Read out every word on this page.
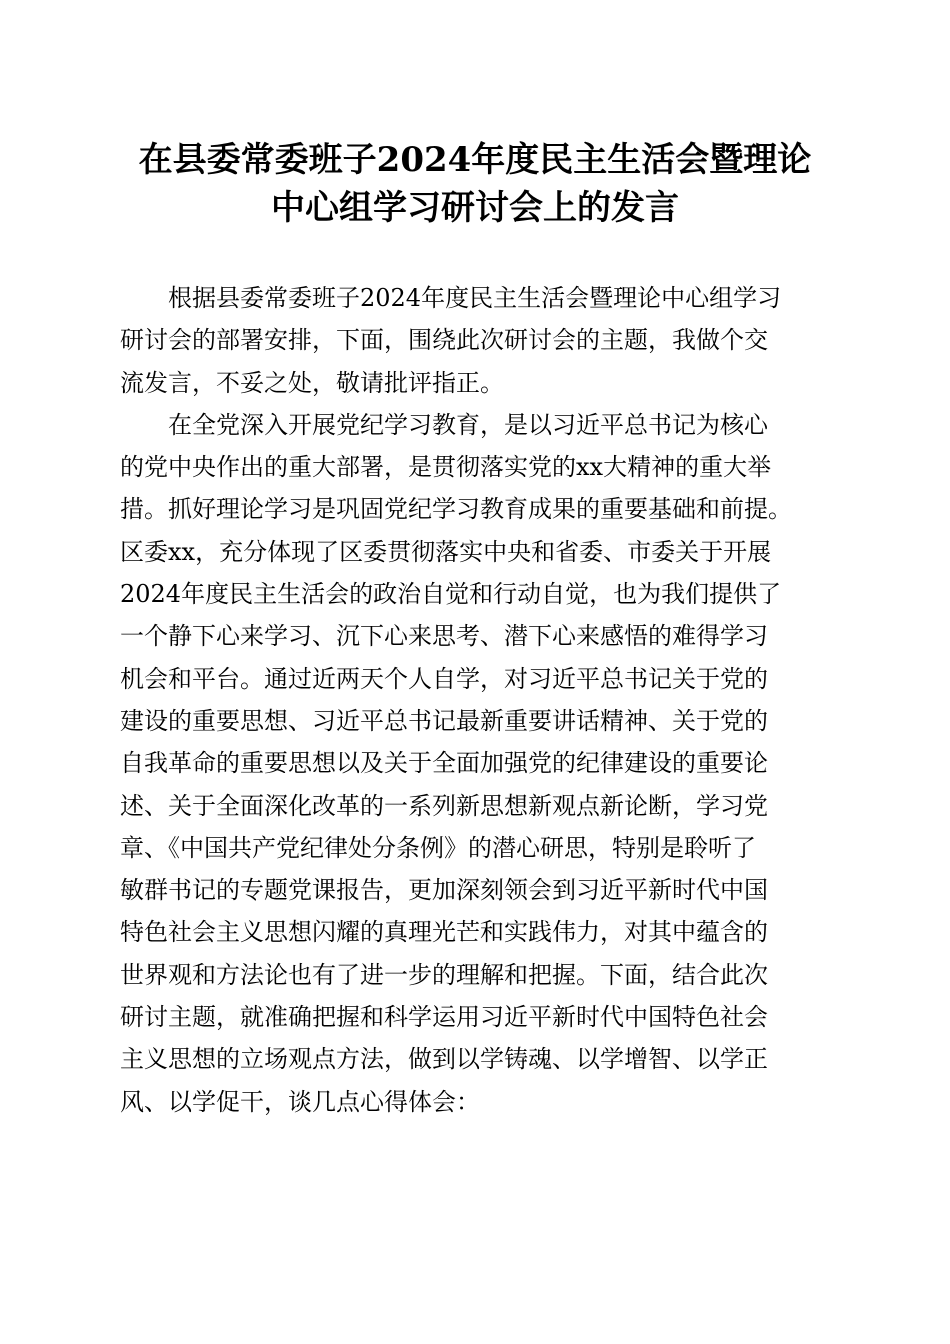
在县委常委班子2024年度民主生活会暨理论
中心组学习研讨会上的发言
根据县委常委班子2024年度民主生活会暨理论中心组学习
研讨会的部署安排，下面，围绕此次研讨会的主题，我做个交
流发言，不妥之处，敬请批评指正。
在全党深入开展党纪学习教育，是以习近平总书记为核心
的党中央作出的重大部署，是贯彻落实党的xx大精神的重大举
措。抓好理论学习是巩固党纪学习教育成果的重要基础和前提。
区委xx，充分体现了区委贯彻落实中央和省委、市委关于开展
2024年度民主生活会的政治自觉和行动自觉，也为我们提供了
一个静下心来学习、沉下心来思考、潜下心来感悟的难得学习
机会和平台。通过近两天个人自学，对习近平总书记关于党的
建设的重要思想、习近平总书记最新重要讲话精神、关于党的
自我革命的重要思想以及关于全面加强党的纪律建设的重要论
述、关于全面深化改革的一系列新思想新观点新论断，学习党
章、《中国共产党纪律处分条例》的潜心研思，特别是聆听了
敏群书记的专题党课报告，更加深刻领会到习近平新时代中国
特色社会主义思想闪耀的真理光芒和实践伟力，对其中蕴含的
世界观和方法论也有了进一步的理解和把握。下面，结合此次
研讨主题，就准确把握和科学运用习近平新时代中国特色社会
主义思想的立场观点方法，做到以学铸魂、以学增智、以学正
风、以学促干，谈几点心得体会：
